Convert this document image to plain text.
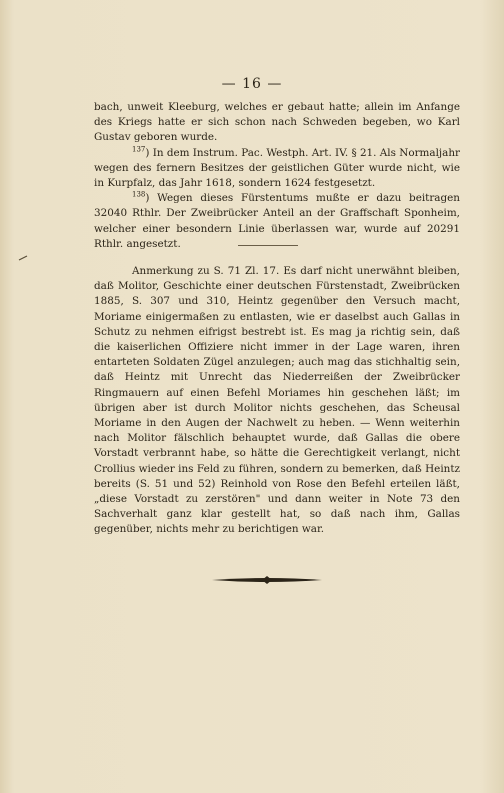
— 16 —

bach, unweit Kleeburg, welches er gebaut hatte; allein im Anfange des Kriegs hatte er sich schon nach Schweden begeben, wo Karl Gustav geboren wurde.

$^{137}$) In dem Instrum. Pac. Westph. Art. IV. § 21. Als Normaljahr wegen des fernern Besitzes der geistlichen Güter wurde nicht, wie in Kurpfalz, das Jahr 1618, sondern 1624 festgesetzt.

$^{138}$) Wegen dieses Fürstentums mußte er dazu beitragen 32040 Rthlr. Der Zweibrücker Anteil an der Graffschaft Sponheim, welcher einer besondern Linie überlassen war, wurde auf 20291 Rthlr. angesetzt.

Anmerkung zu S. 71 Zl. 17. Es darf nicht unerwähnt bleiben, daß Molitor, Geschichte einer deutschen Fürstenstadt, Zweibrücken 1885, S. 307 und 310, Heintz gegenüber den Versuch macht, Moriame einigermaßen zu entlasten, wie er daselbst auch Gallas in Schutz zu nehmen eifrigst bestrebt ist. Es mag ja richtig sein, daß die kaiserlichen Offiziere nicht immer in der Lage waren, ihren entarteten Soldaten Zügel anzulegen; auch mag das stichhaltig sein, daß Heintz mit Unrecht das Niederreißen der Zweibrücker Ringmauern auf einen Befehl Moriames hin geschehen läßt; im übrigen aber ist durch Molitor nichts geschehen, das Scheusal Moriame in den Augen der Nachwelt zu heben. — Wenn weiterhin nach Molitor fälschlich behauptet wurde, daß Gallas die obere Vorstadt verbrannt habe, so hätte die Gerechtigkeit verlangt, nicht Crollius wieder ins Feld zu führen, sondern zu bemerken, daß Heintz bereits (S. 51 und 52) Reinhold von Rose den Befehl erteilen läßt, „diese Vorstadt zu zerstören" und dann weiter in Note 73 den Sachverhalt ganz klar gestellt hat, so daß nach ihm, Gallas gegenüber, nichts mehr zu berichtigen war.
